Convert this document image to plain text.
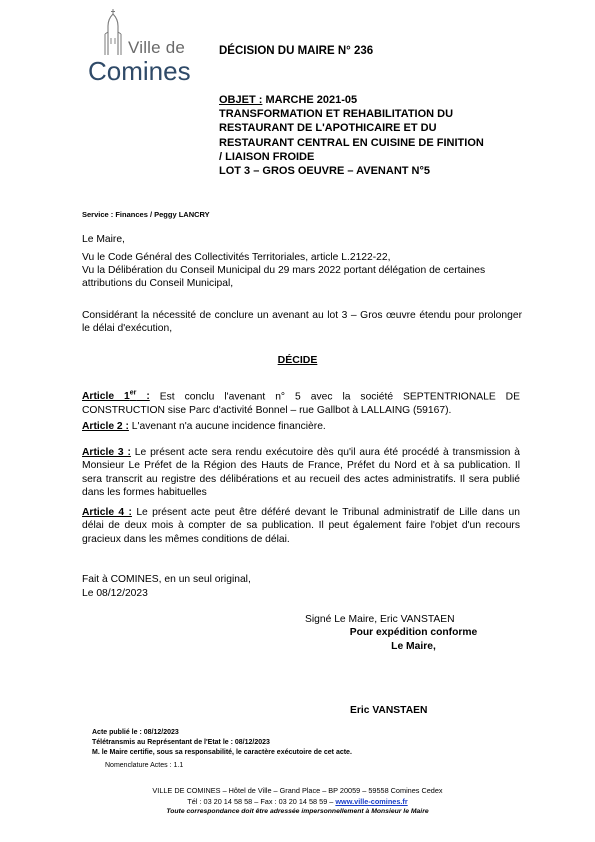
Ville de
Comines
DÉCISION DU MAIRE N° 236
OBJET : MARCHE 2021-05
TRANSFORMATION ET REHABILITATION DU
RESTAURANT DE L'APOTHICAIRE ET DU
RESTAURANT CENTRAL EN CUISINE DE FINITION
/ LIAISON FROIDE
LOT 3 – GROS OEUVRE – AVENANT N°5
Service : Finances / Peggy LANCRY
Le Maire,
Vu le Code Général des Collectivités Territoriales, article L.2122-22,
Vu la Délibération du Conseil Municipal du 29 mars 2022 portant délégation de certaines attributions du Conseil Municipal,
Considérant la nécessité de conclure un avenant au lot 3 – Gros œuvre étendu pour prolonger le délai d'exécution,
DÉCIDE
Article 1er : Est conclu l'avenant n° 5 avec la société SEPTENTRIONALE DE CONSTRUCTION sise Parc d'activité Bonnel – rue Gallbot à LALLAING (59167).
Article 2 : L'avenant n'a aucune incidence financière.
Article 3 : Le présent acte sera rendu exécutoire dès qu'il aura été procédé à transmission à Monsieur Le Préfet de la Région des Hauts de France, Préfet du Nord et à sa publication. Il sera transcrit au registre des délibérations et au recueil des actes administratifs. Il sera publié dans les formes habituelles
Article 4 : Le présent acte peut être déféré devant le Tribunal administratif de Lille dans un délai de deux mois à compter de sa publication. Il peut également faire l'objet d'un recours gracieux dans les mêmes conditions de délai.
Fait à COMINES, en un seul original,
Le 08/12/2023
Signé Le Maire, Eric VANSTAEN
Pour expédition conforme
Le Maire,
Eric VANSTAEN
Acte publié le : 08/12/2023
Télétransmis au Représentant de l'Etat le : 08/12/2023
M. le Maire certifie, sous sa responsabilité, le caractère exécutoire de cet acte.
Nomenclature Actes : 1.1
VILLE DE COMINES – Hôtel de Ville – Grand Place – BP 20059 – 59558 Comines Cedex
Tél : 03 20 14 58 58 – Fax : 03 20 14 58 59 – www.ville-comines.fr
Toute correspondance doit être adressée impersonnellement à Monsieur le Maire
